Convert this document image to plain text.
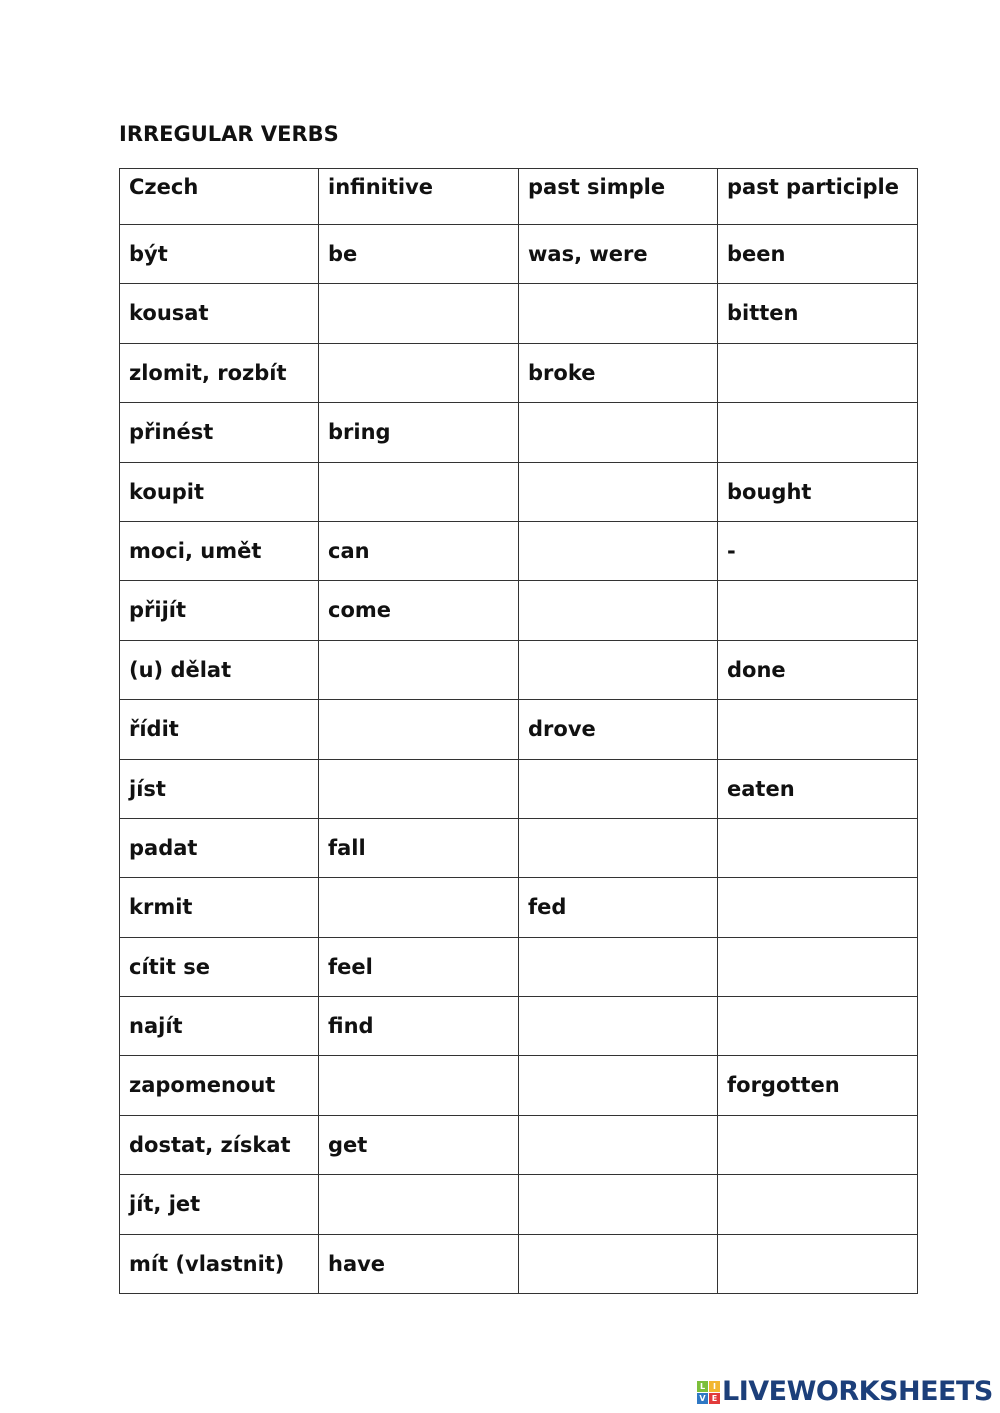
IRREGULAR VERBS
Czech	infinitive	past simple	past participle
být	be	was, were	been
kousat			bitten
zlomit, rozbít		broke	
přinést	bring		
koupit			bought
moci, umět	can		-
přijít	come		
(u) dělat			done
řídit		drove	
jíst			eaten
padat	fall		
krmit		fed	
cítit se	feel		
najít	find		
zapomenout			forgotten
dostat, získat	get		
jít, jet			
mít (vlastnit)	have		
L I
V E LIVEWORKSHEETS
